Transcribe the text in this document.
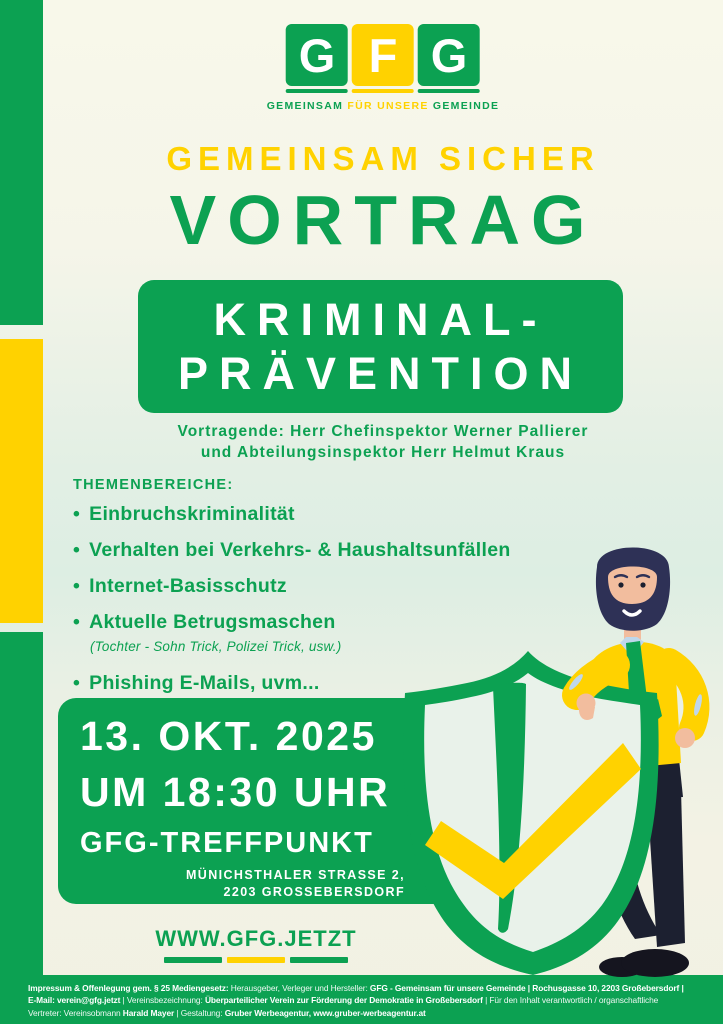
G F G
GEMEINSAM FÜR UNSERE GEMEINDE
GEMEINSAM SICHER
VORTRAG
Vortragende: Herr Chefinspektor Werner Pallierer
und Abteilungsinspektor Herr Helmut Kraus
KRIMINAL-
PRÄVENTION
THEMENBEREICHE:
• Einbruchskriminalität
• Verhalten bei Verkehrs- & Haushaltsunfällen
• Internet-Basisschutz
• Aktuelle Betrugsmaschen
(Tochter - Sohn Trick, Polizei Trick, usw.)
• Phishing E-Mails, uvm...
13. OKT. 2025
UM 18:30 UHR
GFG-TREFFPUNKT
MÜNICHSTHALER STRASSE 2,
2203 GROSSEBERSDORF
WWW.GFG.JETZT
Impressum & Offenlegung gem. § 25 Mediengesetz: Herausgeber, Verleger und Hersteller: GFG - Gemeinsam für unsere Gemeinde | Rochusgasse 10, 2203 Großebersdorf |
E-Mail: verein@gfg.jetzt | Vereinsbezeichnung: Überparteilicher Verein zur Förderung der Demokratie in Großebersdorf | Für den Inhalt verantwortlich / organschaftliche
Vertreter: Vereinsobmann Harald Mayer | Gestaltung: Gruber Werbeagentur, www.gruber-werbeagentur.at
